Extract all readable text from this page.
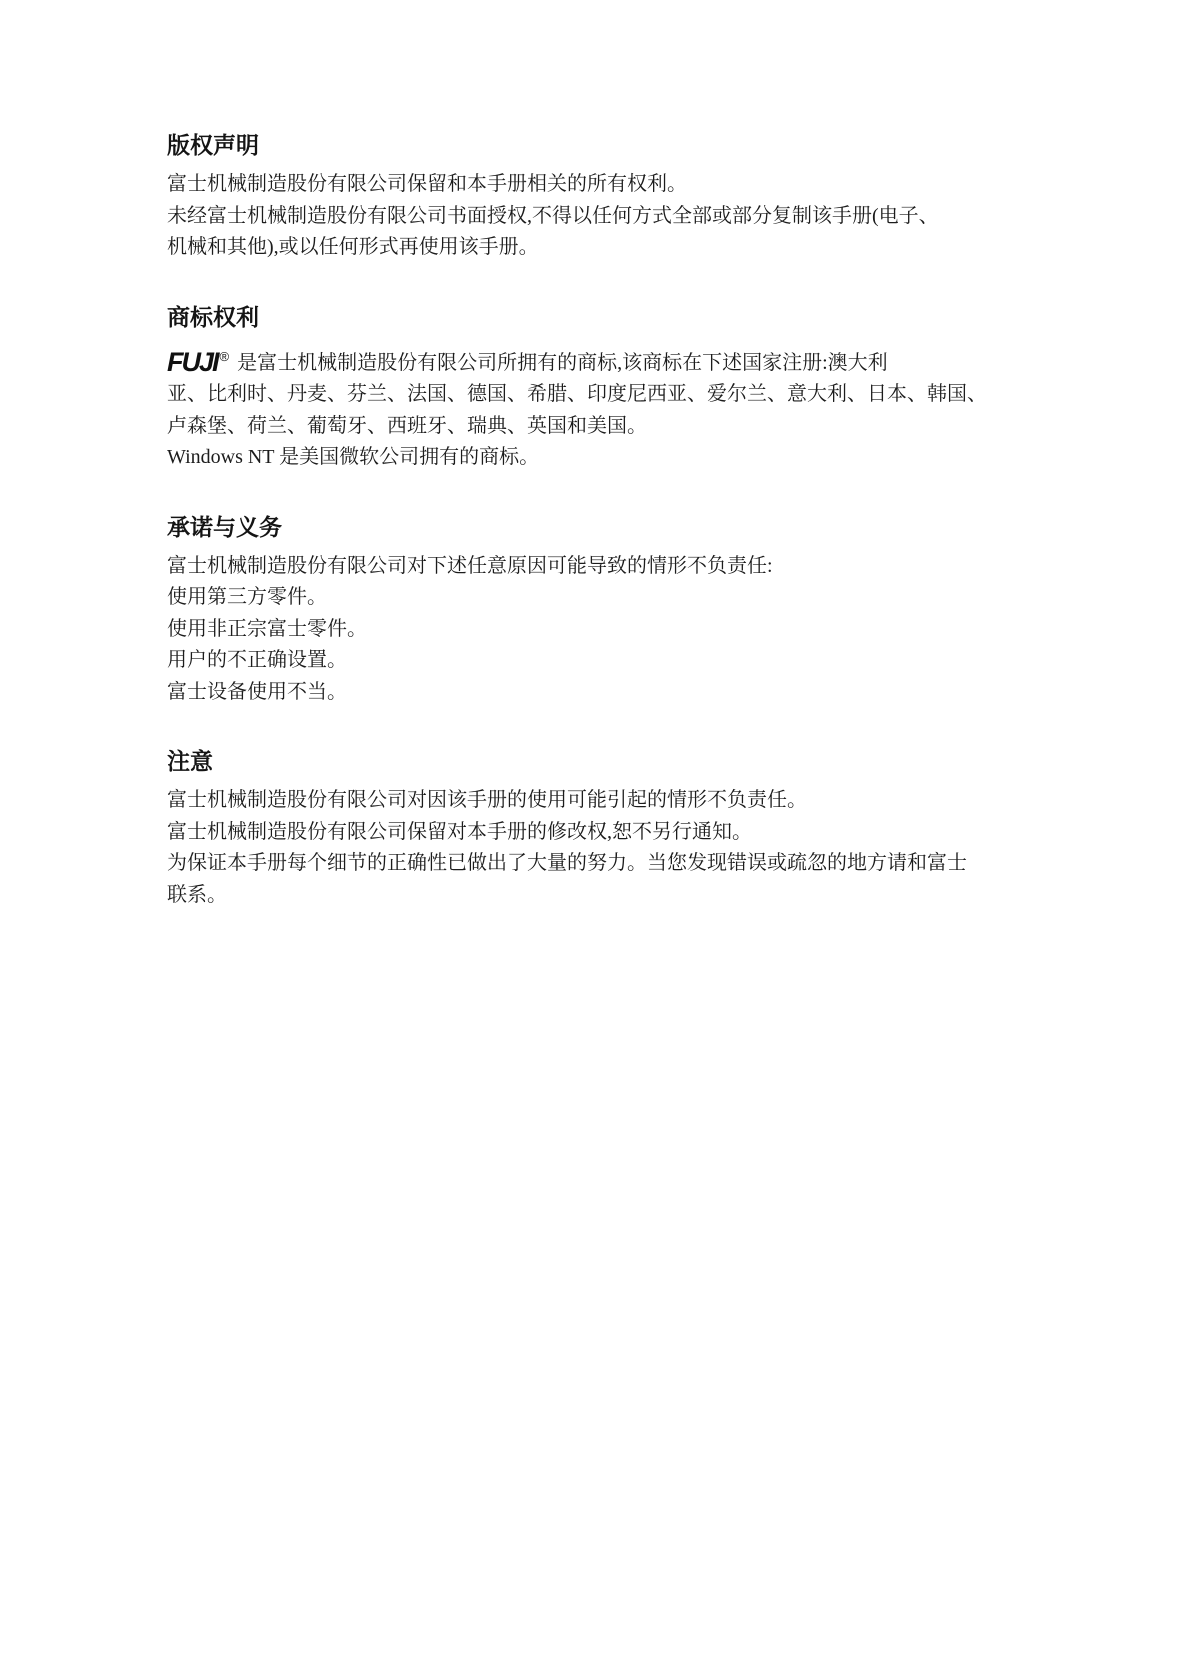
版权声明
富士机械制造股份有限公司保留和本手册相关的所有权利。
未经富士机械制造股份有限公司书面授权,不得以任何方式全部或部分复制该手册(电子、
机械和其他),或以任何形式再使用该手册。
商标权利
FUJI ® 是富士机械制造股份有限公司所拥有的商标,该商标在下述国家注册:澳大利
亚、比利时、丹麦、芬兰、法国、德国、希腊、印度尼西亚、爱尔兰、意大利、日本、韩国、
卢森堡、荷兰、葡萄牙、西班牙、瑞典、英国和美国。
Windows NT 是美国微软公司拥有的商标。
承诺与义务
富士机械制造股份有限公司对下述任意原因可能导致的情形不负责任:
使用第三方零件。
使用非正宗富士零件。
用户的不正确设置。
富士设备使用不当。
注意
富士机械制造股份有限公司对因该手册的使用可能引起的情形不负责任。
富士机械制造股份有限公司保留对本手册的修改权,恕不另行通知。
为保证本手册每个细节的正确性已做出了大量的努力。当您发现错误或疏忽的地方请和富士
联系。
